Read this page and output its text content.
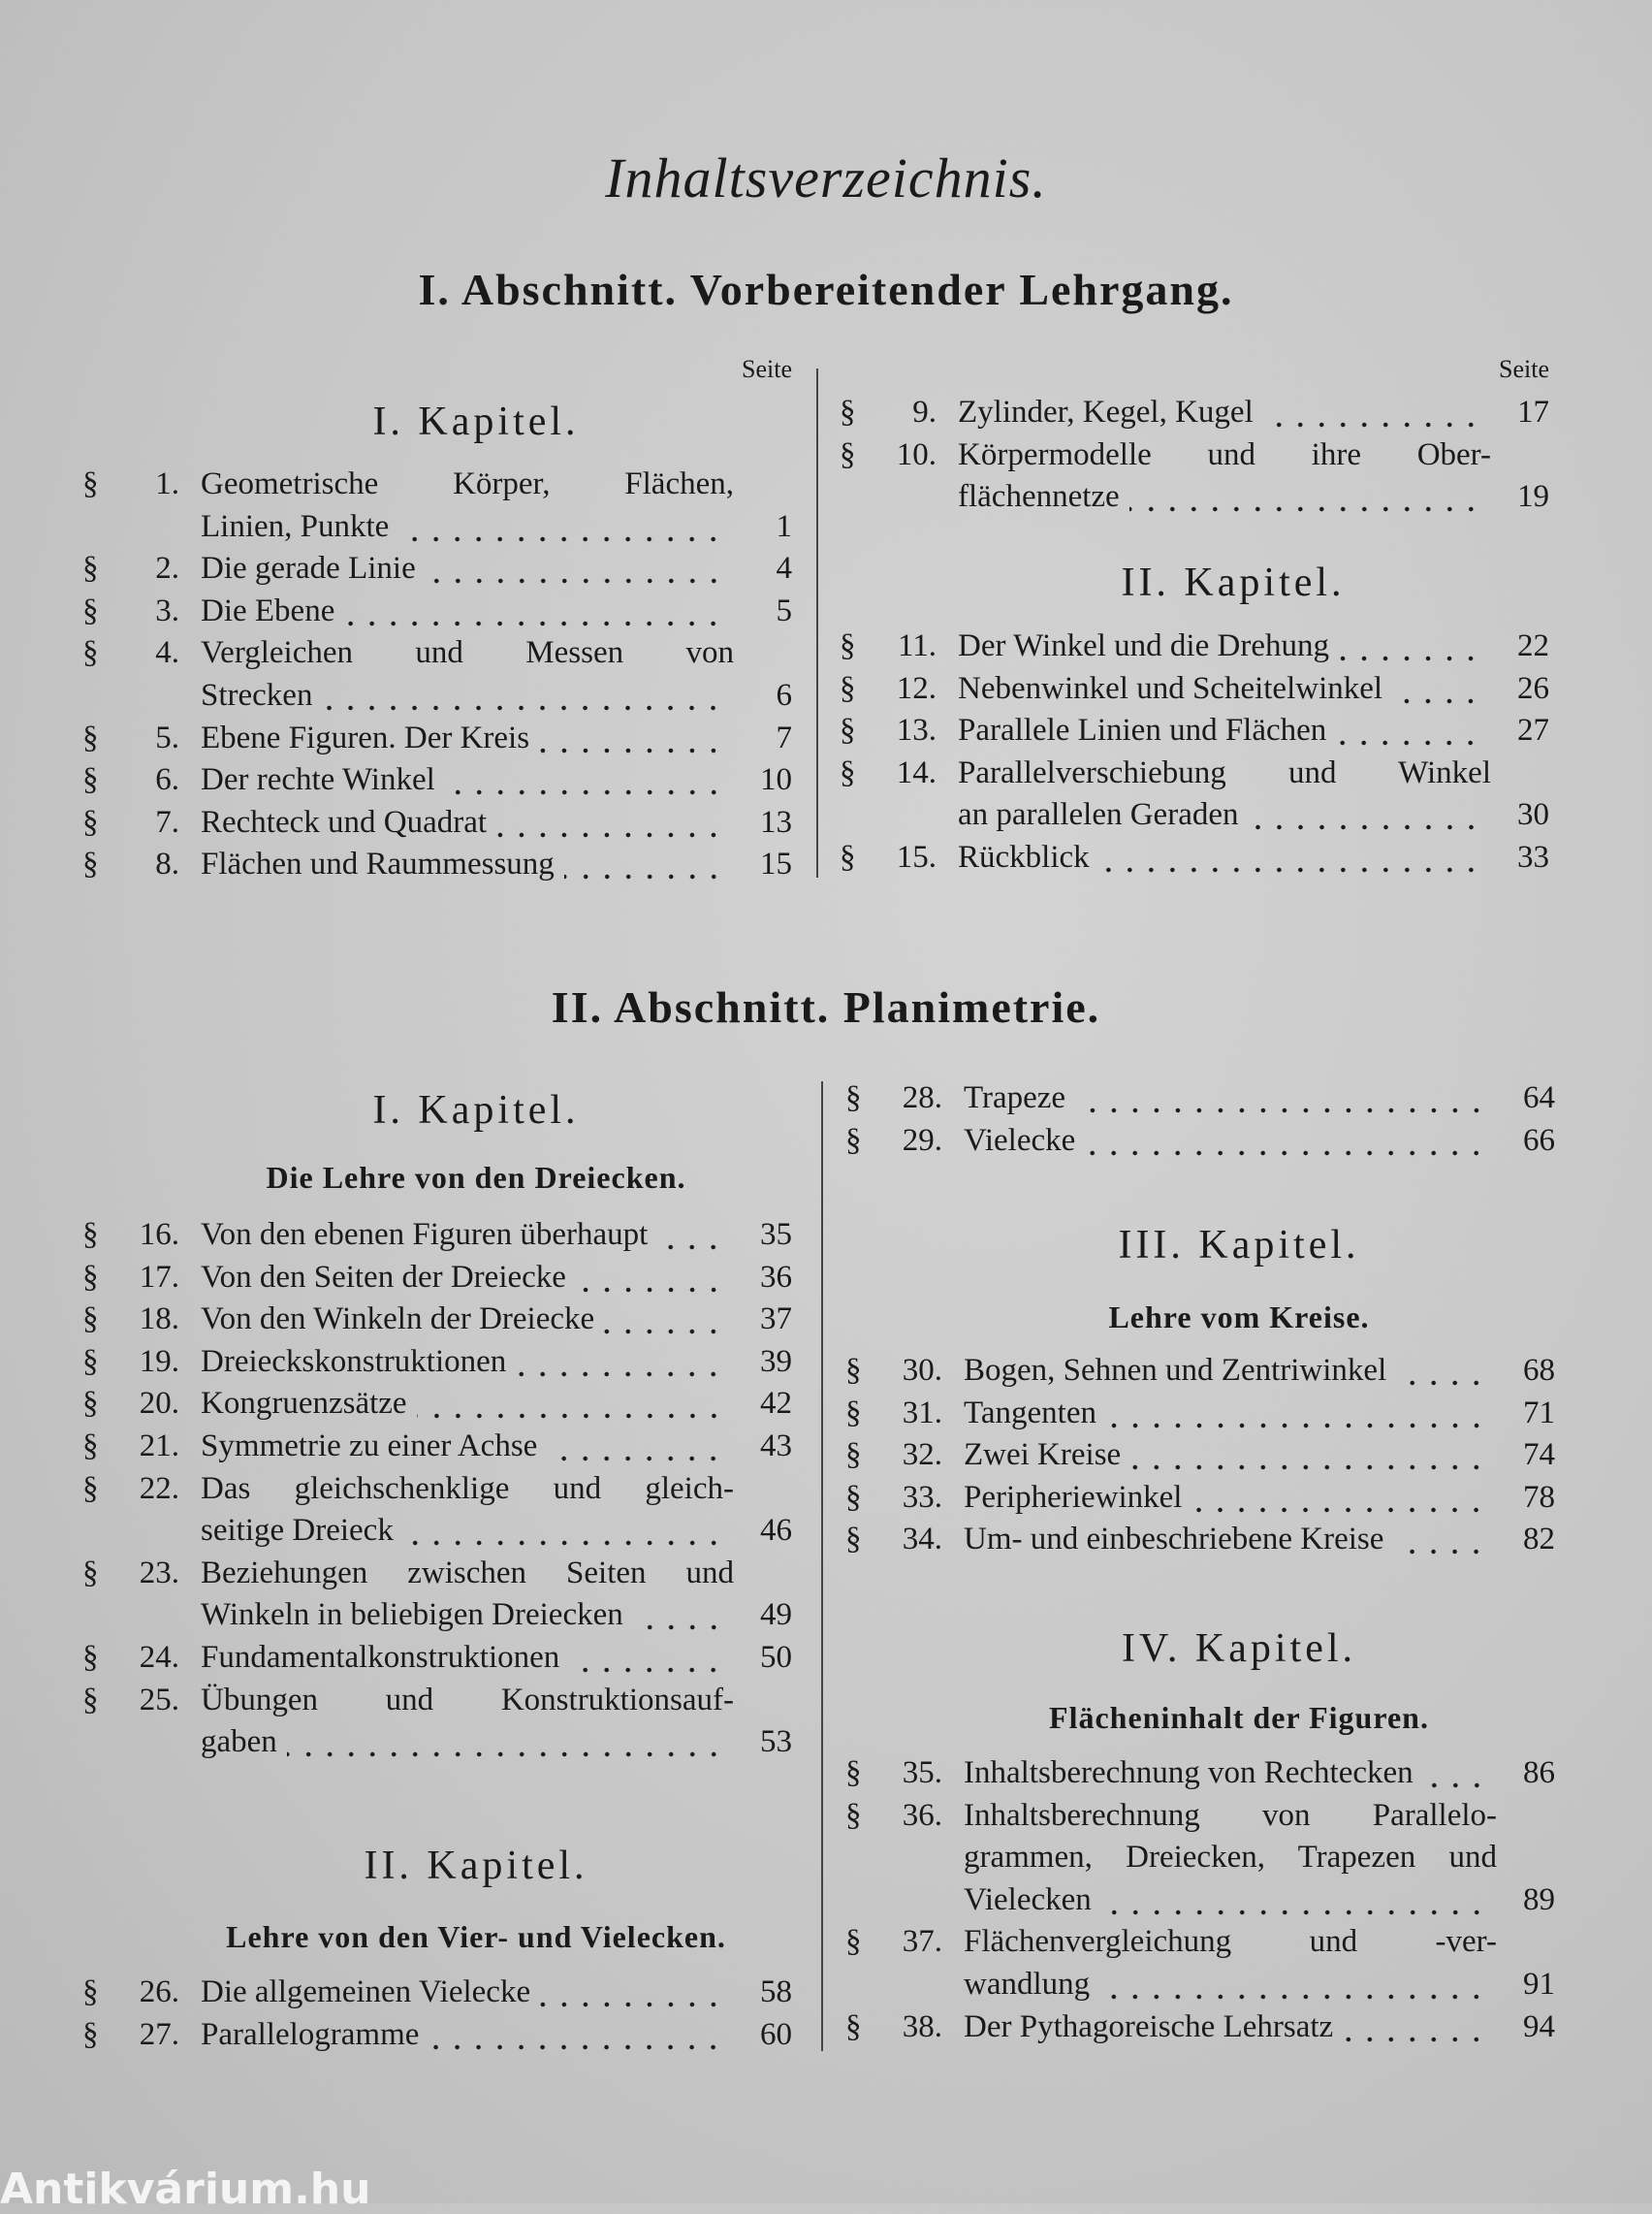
Inhaltsverzeichnis.
I. Abschnitt. Vorbereitender Lehrgang.
II. Abschnitt. Planimetrie.
Seite
I. Kapitel.
§	1. Geometrische Körper, Flächen,
Linien, Punkte	1
§	2. Die gerade Linie	4
§	3. Die Ebene	5
§	4. Vergleichen und Messen von
Strecken	6
§	5. Ebene Figuren. Der Kreis	7
§	6. Der rechte Winkel	10
§	7. Rechteck und Quadrat	13
§	8. Flächen und Raummessung	15
Seite
§	9. Zylinder, Kegel, Kugel	17
§	10. Körpermodelle und ihre Ober-
flächennetze	19
II. Kapitel.
§	11. Der Winkel und die Drehung	22
§	12. Nebenwinkel und Scheitelwinkel	26
§	13. Parallele Linien und Flächen	27
§	14. Parallelverschiebung und Winkel
an parallelen Geraden	30
§	15. Rückblick	33
I. Kapitel.
Die Lehre von den Dreiecken.
§	16. Von den ebenen Figuren überhaupt	35
§	17. Von den Seiten der Dreiecke	36
§	18. Von den Winkeln der Dreiecke	37
§	19. Dreieckskonstruktionen	39
§	20. Kongruenzsätze	42
§	21. Symmetrie zu einer Achse	43
§	22. Das gleichschenklige und gleich-
seitige Dreieck	46
§	23. Beziehungen zwischen Seiten und
Winkeln in beliebigen Dreiecken	49
§	24. Fundamentalkonstruktionen	50
§	25. Übungen und Konstruktionsauf-
gaben	53
II. Kapitel.
Lehre von den Vier- und Vielecken.
§	26. Die allgemeinen Vielecke	58
§	27. Parallelogramme	60
§	28. Trapeze	64
§	29. Vielecke	66
III. Kapitel.
Lehre vom Kreise.
§	30. Bogen, Sehnen und Zentriwinkel	68
§	31. Tangenten	71
§	32. Zwei Kreise	74
§	33. Peripheriewinkel	78
§	34. Um- und einbeschriebene Kreise	82
IV. Kapitel.
Flächeninhalt der Figuren.
§	35. Inhaltsberechnung von Rechtecken	86
§	36. Inhaltsberechnung von Parallelo-
grammen, Dreiecken, Trapezen und
Vielecken	89
§	37. Flächenvergleichung und -ver-
wandlung	91
§	38. Der Pythagoreische Lehrsatz	94
Antikvárium.hu
